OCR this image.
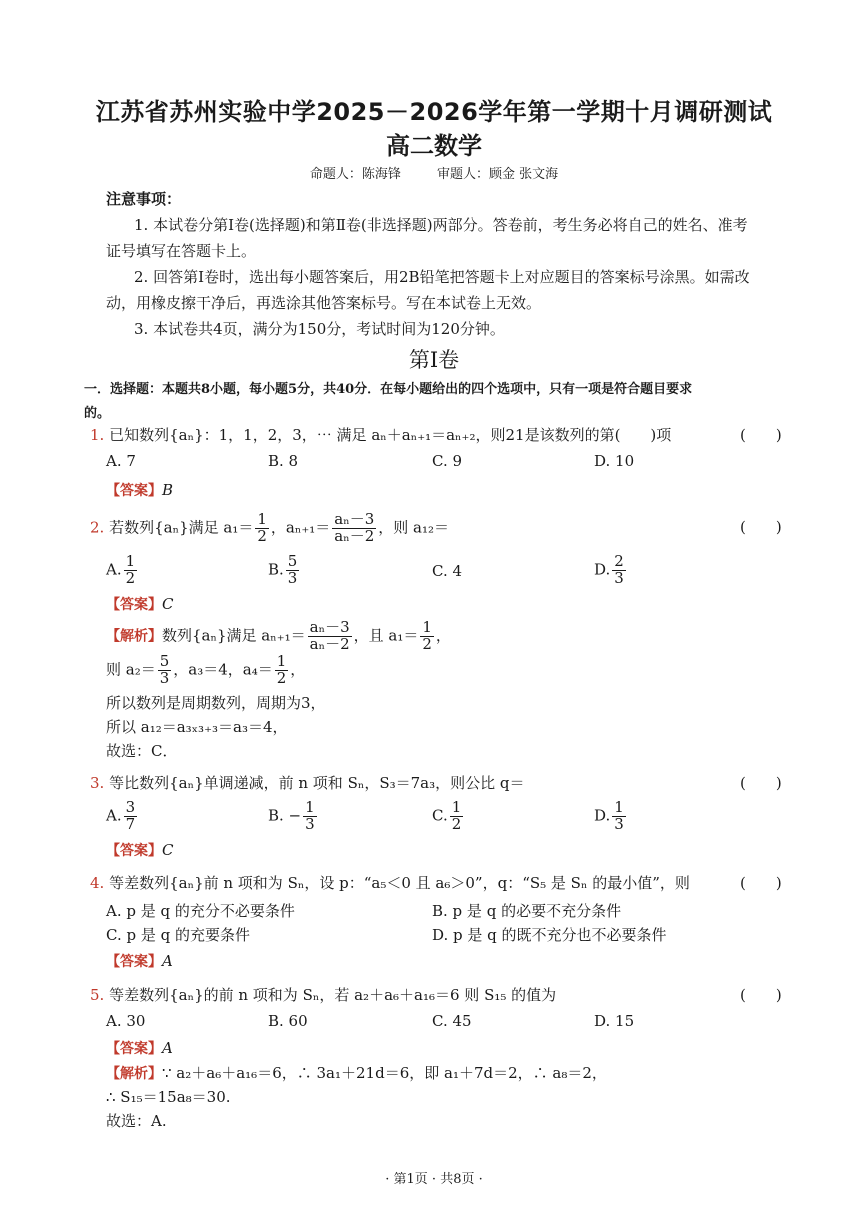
江苏省苏州实验中学2025－2026学年第一学期十月调研测试
高二数学
命题人：陈海锋	审题人：顾金 张文海
注意事项：
1. 本试卷分第Ⅰ卷(选择题)和第Ⅱ卷(非选择题)两部分。答卷前，考生务必将自己的姓名、准考
证号填写在答题卡上。
2. 回答第Ⅰ卷时，选出每小题答案后，用2B铅笔把答题卡上对应题目的答案标号涂黑。如需改
动，用橡皮擦干净后，再选涂其他答案标号。写在本试卷上无效。
3. 本试卷共4页，满分为150分，考试时间为120分钟。
第Ⅰ卷
一．选择题：本题共8小题，每小题5分，共40分．在每小题给出的四个选项中，只有一项是符合题目要求
的。
1. 已知数列{aₙ}：1，1，2，3，⋯ 满足 aₙ＋aₙ₊₁＝aₙ₊₂，则21是该数列的第(　　)项	(　　)
A. 7	B. 8	C. 9	D. 10
【答案】B
2. 若数列{aₙ}满足 $a_1= \frac{1}{2}$ ，$a_{n+1}= \frac{\text{aₙ－3}}{\text{aₙ－2}}$ ，则 a₁₂＝	(　　)
A. $\frac{1}{2}$	B. $\frac{5}{3}$	C. 4	D. $\frac{2}{3}$
【答案】C
【解析】数列{aₙ}满足 $a_{n+1}= \frac{\text{aₙ－3}}{\text{aₙ－2}}$ ，且 $a_1= \frac{1}{2}$ ，
则 $a_2= \frac{5}{3}$ ，a₃＝4，$a_4= \frac{1}{2}$ ，
所以数列是周期数列，周期为3，
所以 a₁₂＝a₃ₓ₃₊₃＝a₃＝4，
故选：C．
3. 等比数列{aₙ}单调递减，前 n 项和 Sₙ，S₃＝7a₃，则公比 q＝	(　　)
A. $\frac{3}{7}$	B. − $\frac{1}{3}$	C. $\frac{1}{2}$	D. $\frac{1}{3}$
【答案】C
4. 等差数列{aₙ}前 n 项和为 Sₙ，设 p：“a₅＜0 且 a₆＞0”，q：“S₅ 是 Sₙ 的最小值”，则	(　　)
A. p 是 q 的充分不必要条件	B. p 是 q 的必要不充分条件
C. p 是 q 的充要条件	D. p 是 q 的既不充分也不必要条件
【答案】A
5. 等差数列{aₙ}的前 n 项和为 Sₙ，若 a₂＋a₆＋a₁₆＝6 则 S₁₅ 的值为	(　　)
A. 30	B. 60	C. 45	D. 15
【答案】A
【解析】∵ a₂＋a₆＋a₁₆＝6，∴ 3a₁＋21d＝6，即 a₁＋7d＝2，∴ a₈＝2，
∴ S₁₅＝15a₈＝30.
故选：A.
· 第1页 · 共8页 ·
